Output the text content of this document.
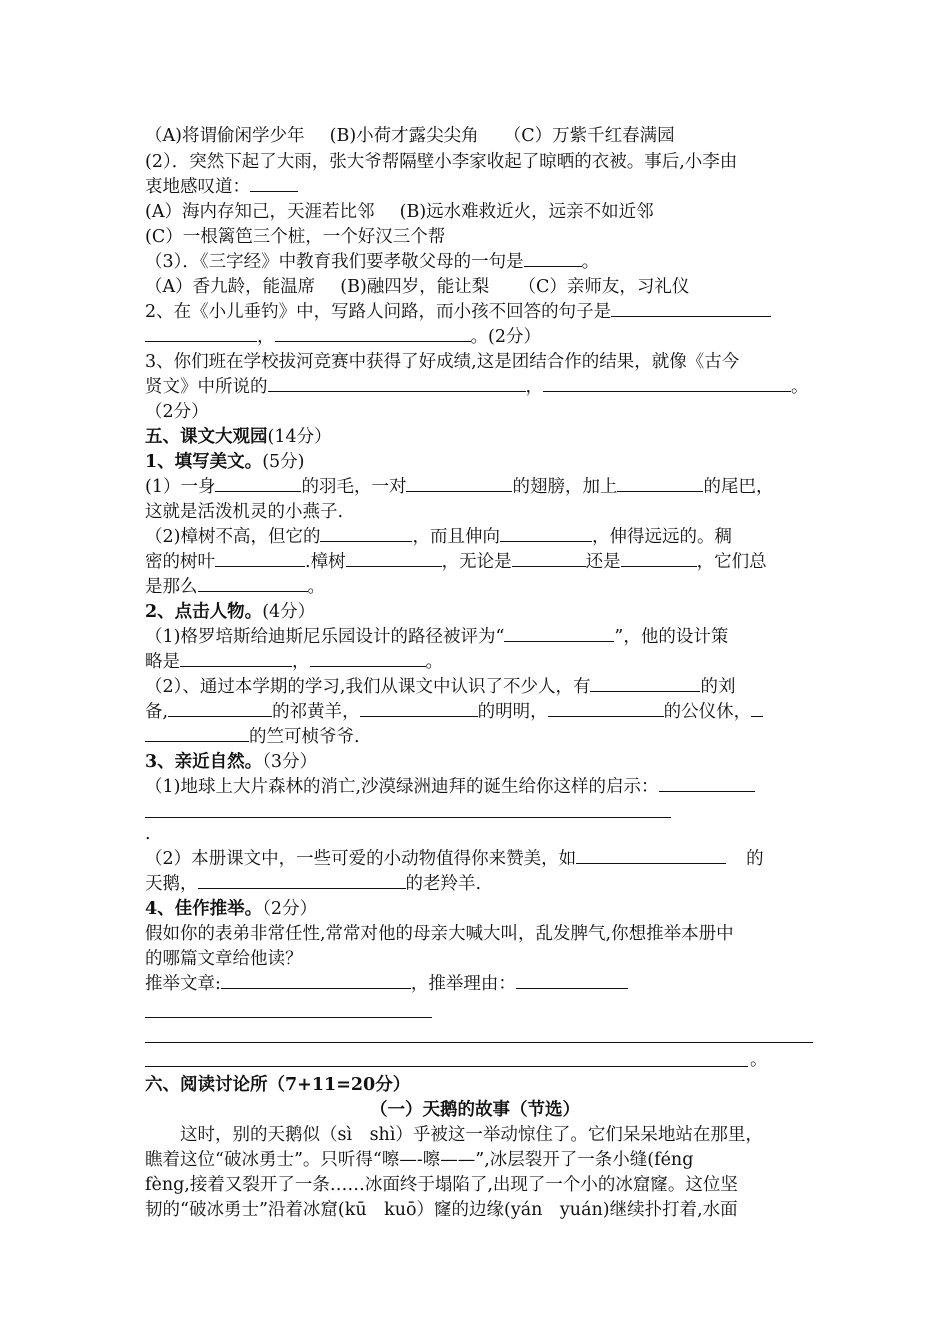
（A)将谓偷闲学少年 (B)小荷才露尖尖角 （C）万紫千红春满园
(2）．突然下起了大雨，张大爷帮隔壁小李家收起了晾晒的衣被。事后,小李由
衷地感叹道：
(A）海内存知己，天涯若比邻 (B)远水难救近火，远亲不如近邻
(C）一根篱笆三个桩，一个好汉三个帮
（3）．《三字经》中教育我们要孝敬父母的一句是	。
（A）香九龄，能温席 (B)融四岁，能让梨 （C）亲师友，习礼仪
2、在《小儿垂钓》中，写路人问路，而小孩不回答的句子是
，	。(2分）
3、你们班在学校拔河竞赛中获得了好成绩,这是团结合作的结果，就像《古今
贤文》中所说的	，	。
（2分）
五、课文大观园(14分）
1、填写美文。(5分)
(1）一身	的羽毛，一对	的翅膀，加上	的尾巴，
这就是活泼机灵的小燕子.
（2)樟树不高，但它的	，而且伸向	，伸得远远的。稠
密的树叶	.樟树	，无论是	还是	，它们总
是那么	。
2、点击人物。(4分）
（1)格罗培斯给迪斯尼乐园设计的路径被评为“	”，他的设计策
略是	，	。
（2）、通过本学期的学习,我们从课文中认识了不少人，有	的刘
备,	的祁黄羊，	的明明，	的公仪休，
的竺可桢爷爷.
3、亲近自然。（3分）
（1)地球上大片森林的消亡,沙漠绿洲迪拜的诞生给你这样的启示：
.
（2）本册课文中，一些可爱的小动物值得你来赞美，如	的
天鹅，	的老羚羊.
4、佳作推举。（2分）
假如你的表弟非常任性,常常对他的母亲大喊大叫，乱发脾气,你想推举本册中
的哪篇文章给他读？
推举文章:	，推举理由：
。
六、阅读讨论所（7+11=20分）
（一）天鹅的故事（节选）
这时，别的天鹅似（sì　shì）乎被这一举动惊住了。它们呆呆地站在那里，
瞧着这位“破冰勇士”。只听得“嚓—-嚓——”,冰层裂开了一条小缝(féng
fèng,接着又裂开了一条……冰面终于塌陷了,出现了一个小的冰窟窿。这位坚
韧的“破冰勇士”沿着冰窟(kū　kuō）窿的边缘(yán　yuán)继续扑打着,水面
